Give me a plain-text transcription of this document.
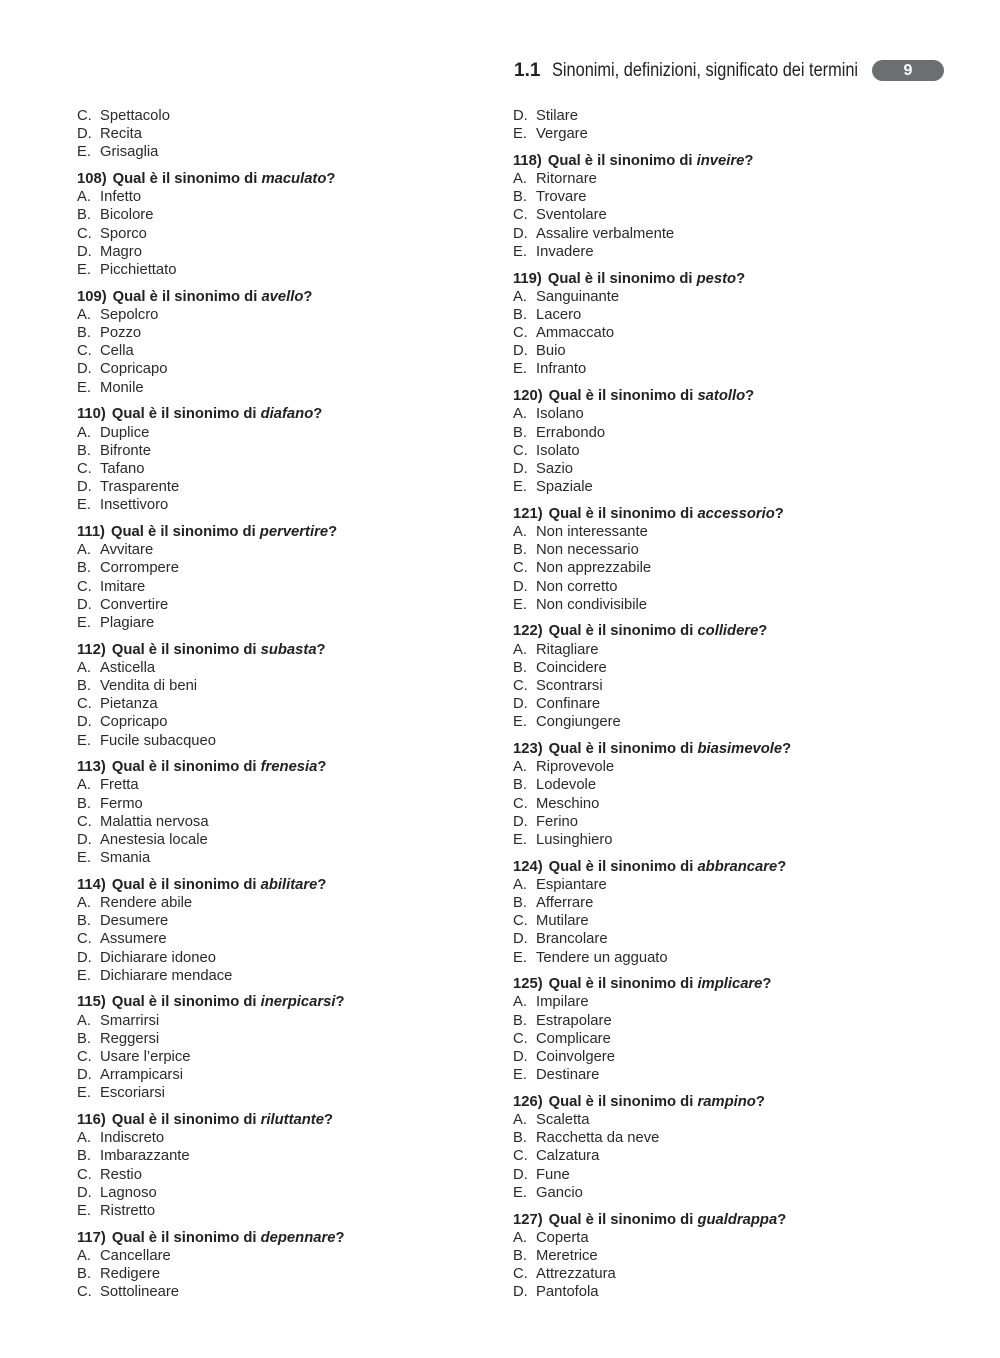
1.1 Sinonimi, definizioni, significato dei termini	9
C. Spettacolo
D. Recita
E. Grisaglia
108) Qual è il sinonimo di maculato?
A. Infetto
B. Bicolore
C. Sporco
D. Magro
E. Picchiettato
109) Qual è il sinonimo di avello?
A. Sepolcro
B. Pozzo
C. Cella
D. Copricapo
E. Monile
110) Qual è il sinonimo di diafano?
A. Duplice
B. Bifronte
C. Tafano
D. Trasparente
E. Insettivoro
111) Qual è il sinonimo di pervertire?
A. Avvitare
B. Corrompere
C. Imitare
D. Convertire
E. Plagiare
112) Qual è il sinonimo di subasta?
A. Asticella
B. Vendita di beni
C. Pietanza
D. Copricapo
E. Fucile subacqueo
113) Qual è il sinonimo di frenesia?
A. Fretta
B. Fermo
C. Malattia nervosa
D. Anestesia locale
E. Smania
114) Qual è il sinonimo di abilitare?
A. Rendere abile
B. Desumere
C. Assumere
D. Dichiarare idoneo
E. Dichiarare mendace
115) Qual è il sinonimo di inerpicarsi?
A. Smarrirsi
B. Reggersi
C. Usare l’erpice
D. Arrampicarsi
E. Escoriarsi
116) Qual è il sinonimo di riluttante?
A. Indiscreto
B. Imbarazzante
C. Restio
D. Lagnoso
E. Ristretto
117) Qual è il sinonimo di depennare?
A. Cancellare
B. Redigere
C. Sottolineare
D. Stilare
E. Vergare
118) Qual è il sinonimo di inveire?
A. Ritornare
B. Trovare
C. Sventolare
D. Assalire verbalmente
E. Invadere
119) Qual è il sinonimo di pesto?
A. Sanguinante
B. Lacero
C. Ammaccato
D. Buio
E. Infranto
120) Qual è il sinonimo di satollo?
A. Isolano
B. Errabondo
C. Isolato
D. Sazio
E. Spaziale
121) Qual è il sinonimo di accessorio?
A. Non interessante
B. Non necessario
C. Non apprezzabile
D. Non corretto
E. Non condivisibile
122) Qual è il sinonimo di collidere?
A. Ritagliare
B. Coincidere
C. Scontrarsi
D. Confinare
E. Congiungere
123) Qual è il sinonimo di biasimevole?
A. Riprovevole
B. Lodevole
C. Meschino
D. Ferino
E. Lusinghiero
124) Qual è il sinonimo di abbrancare?
A. Espiantare
B. Afferrare
C. Mutilare
D. Brancolare
E. Tendere un agguato
125) Qual è il sinonimo di implicare?
A. Impilare
B. Estrapolare
C. Complicare
D. Coinvolgere
E. Destinare
126) Qual è il sinonimo di rampino?
A. Scaletta
B. Racchetta da neve
C. Calzatura
D. Fune
E. Gancio
127) Qual è il sinonimo di gualdrappa?
A. Coperta
B. Meretrice
C. Attrezzatura
D. Pantofola
